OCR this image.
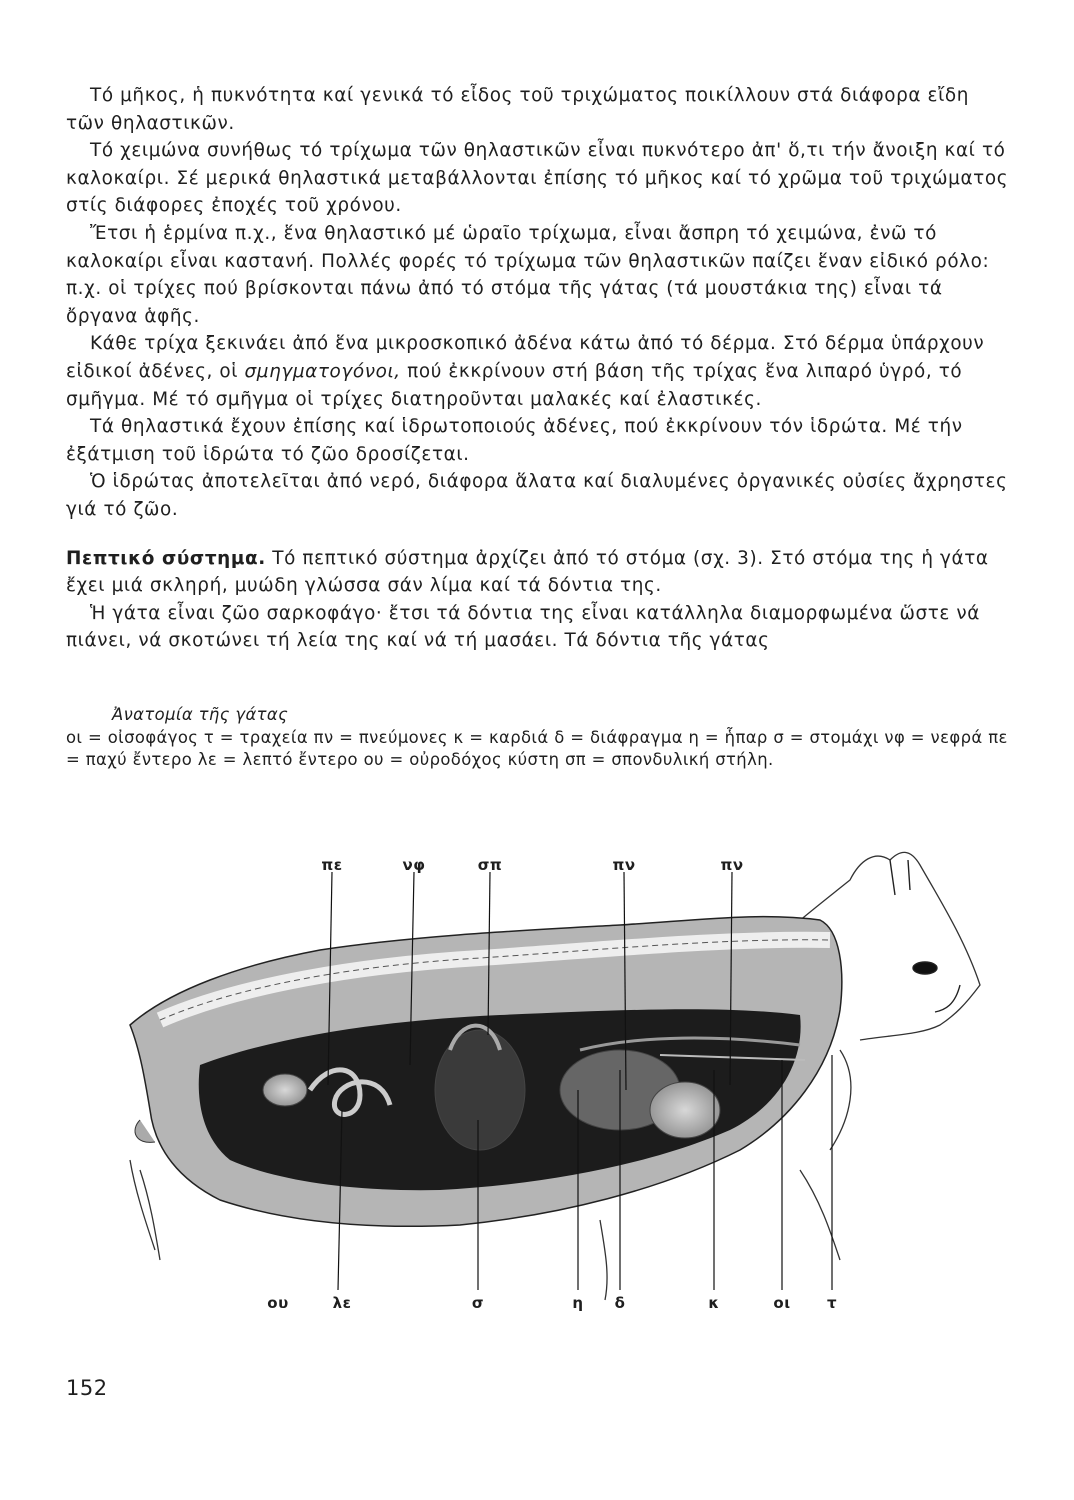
Τό μῆκος, ἡ πυκνότητα καί γενικά τό εἶδος τοῦ τριχώματος ποικίλλουν στά διάφορα εἴδη τῶν θηλαστικῶν.

Τό χειμώνα συνήθως τό τρίχωμα τῶν θηλαστικῶν εἶναι πυκνότερο ἀπ' ὅ,τι τήν ἄνοιξη καί τό καλοκαίρι. Σέ μερικά θηλαστικά μεταβάλλονται ἐπίσης τό μῆκος καί τό χρῶμα τοῦ τριχώματος στίς διάφορες ἐποχές τοῦ χρόνου.

Ἔτσι ἡ ἑρμίνα π.χ., ἕνα θηλαστικό μέ ὡραῖο τρίχωμα, εἶναι ἄσπρη τό χειμώνα, ἐνῶ τό καλοκαίρι εἶναι καστανή. Πολλές φορές τό τρίχωμα τῶν θηλαστικῶν παίζει ἕναν εἰδικό ρόλο: π.χ. οἱ τρίχες πού βρίσκονται πάνω ἀπό τό στόμα τῆς γάτας (τά μουστάκια της) εἶναι τά ὄργανα ἁφῆς.

Κάθε τρίχα ξεκινάει ἀπό ἕνα μικροσκοπικό ἀδένα κάτω ἀπό τό δέρμα. Στό δέρμα ὑπάρχουν εἰδικοί ἀδένες, οἱ σμηγματογόνοι, πού ἐκκρίνουν στή βάση τῆς τρίχας ἕνα λιπαρό ὑγρό, τό σμῆγμα. Μέ τό σμῆγμα οἱ τρίχες διατηροῦνται μαλακές καί ἐλαστικές.

Τά θηλαστικά ἔχουν ἐπίσης καί ἱδρωτοποιούς ἀδένες, πού ἐκκρίνουν τόν ἱδρώτα. Μέ τήν ἐξάτμιση τοῦ ἱδρώτα τό ζῶο δροσίζεται.

Ὁ ἱδρώτας ἀποτελεῖται ἀπό νερό, διάφορα ἅλατα καί διαλυμένες ὀργανικές οὐσίες ἄχρηστες γιά τό ζῶο.

Πεπτικό σύστημα. Τό πεπτικό σύστημα ἀρχίζει ἀπό τό στόμα (σχ. 3). Στό στόμα της ἡ γάτα ἔχει μιά σκληρή, μυώδη γλώσσα σάν λίμα καί τά δόντια της.

Ἡ γάτα εἶναι ζῶο σαρκοφάγο· ἔτσι τά δόντια της εἶναι κατάλληλα διαμορφωμένα ὥστε νά πιάνει, νά σκοτώνει τή λεία της καί νά τή μασάει. Τά δόντια τῆς γάτας

Ἀνατομία τῆς γάτας

οι = οἰσοφάγος τ = τραχεία πν = πνεύμονες κ = καρδιά δ = διάφραγμα η = ἧπαρ σ = στομάχι νφ = νεφρά πε = παχύ ἔντερο λε = λεπτό ἔντερο ου = οὐροδόχος κύστη σπ = σπονδυλική στήλη.

πε	νφ	σπ	πν	πν
ου	λε	σ	η δ	κ	οι τ
152
